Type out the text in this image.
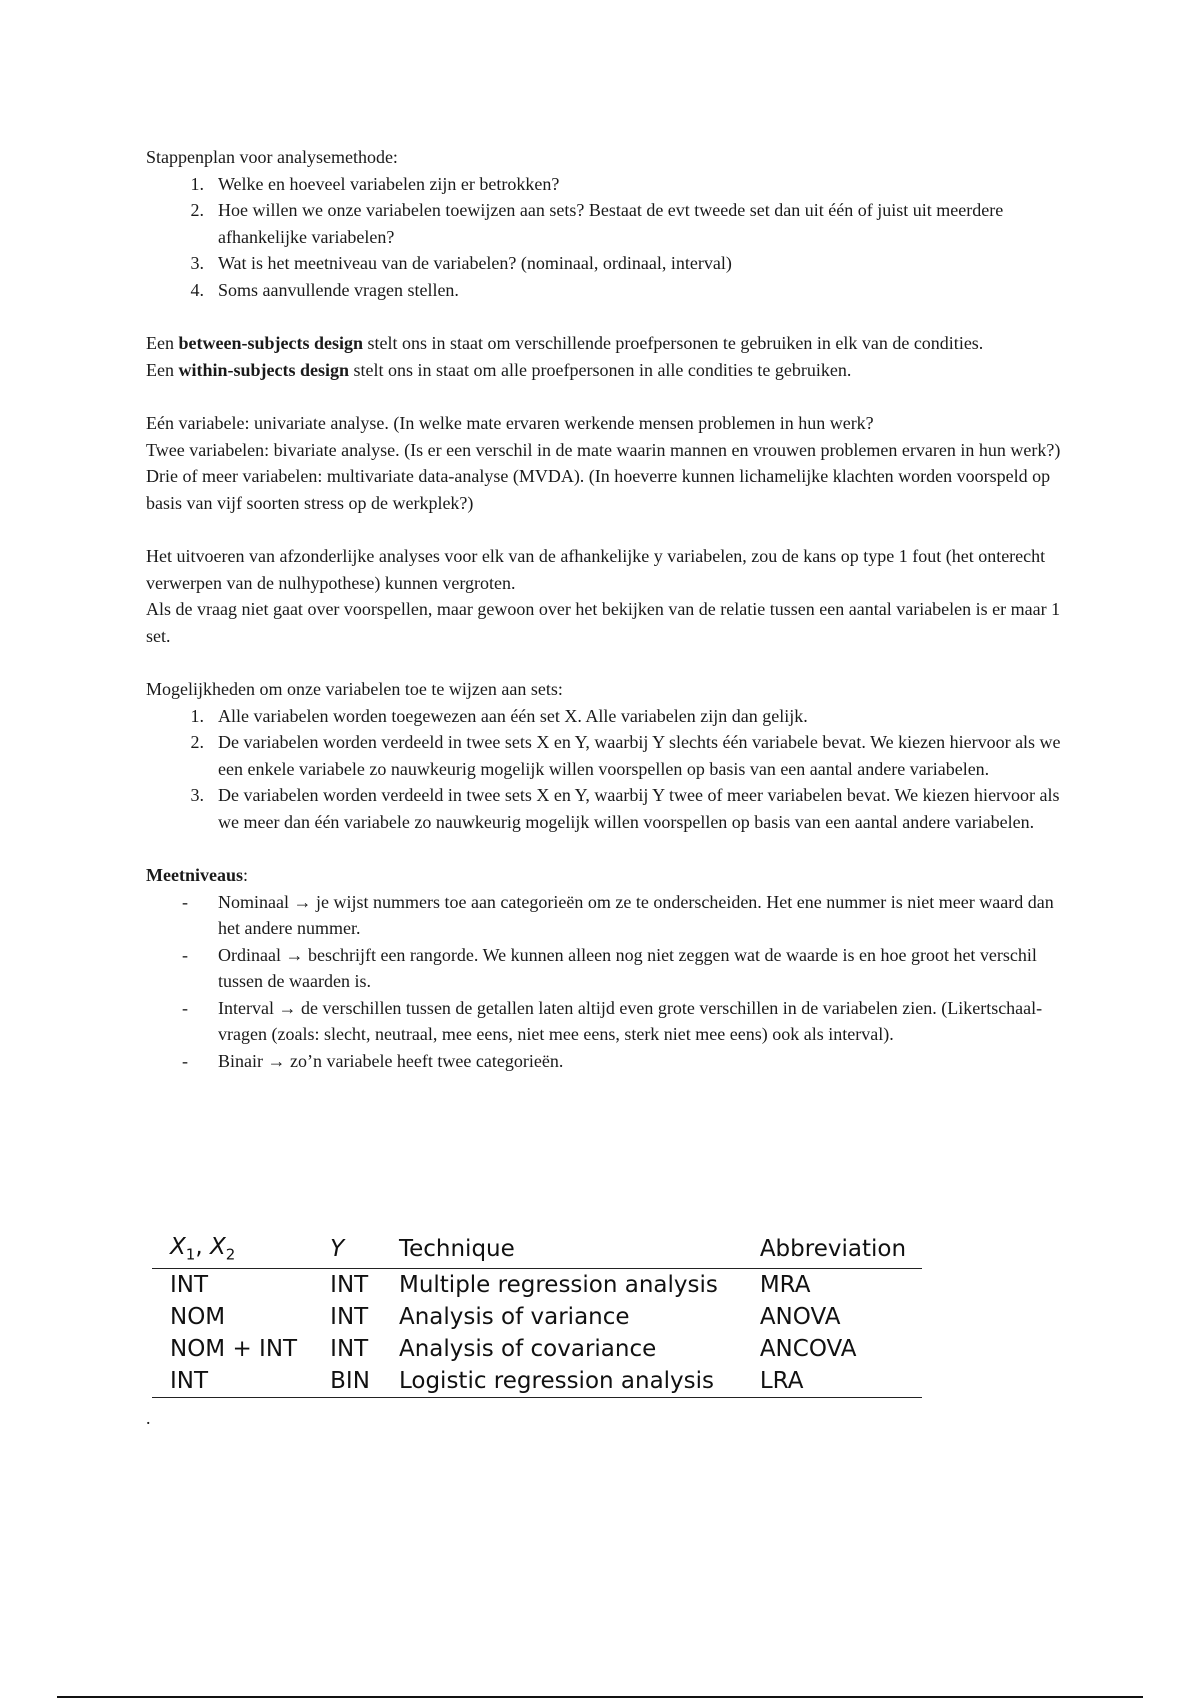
Stappenplan voor analysemethode:

1. Welke en hoeveel variabelen zijn er betrokken?
2. Hoe willen we onze variabelen toewijzen aan sets? Bestaat de evt tweede set dan uit één of juist uit meerdere afhankelijke variabelen?
3. Wat is het meetniveau van de variabelen? (nominaal, ordinaal, interval)
4. Soms aanvullende vragen stellen.

Een between-subjects design stelt ons in staat om verschillende proefpersonen te gebruiken in elk van de condities.

Een within-subjects design stelt ons in staat om alle proefpersonen in alle condities te gebruiken.

Eén variabele: univariate analyse. (In welke mate ervaren werkende mensen problemen in hun werk?

Twee variabelen: bivariate analyse. (Is er een verschil in de mate waarin mannen en vrouwen problemen ervaren in hun werk?)

Drie of meer variabelen: multivariate data-analyse (MVDA). (In hoeverre kunnen lichamelijke klachten worden voorspeld op basis van vijf soorten stress op de werkplek?)

Het uitvoeren van afzonderlijke analyses voor elk van de afhankelijke y variabelen, zou de kans op type 1 fout (het onterecht verwerpen van de nulhypothese) kunnen vergroten.

Als de vraag niet gaat over voorspellen, maar gewoon over het bekijken van de relatie tussen een aantal variabelen is er maar 1 set.

Mogelijkheden om onze variabelen toe te wijzen aan sets:

1. Alle variabelen worden toegewezen aan één set X. Alle variabelen zijn dan gelijk.
2. De variabelen worden verdeeld in twee sets X en Y, waarbij Y slechts één variabele bevat. We kiezen hiervoor als we een enkele variabele zo nauwkeurig mogelijk willen voorspellen op basis van een aantal andere variabelen.
3. De variabelen worden verdeeld in twee sets X en Y, waarbij Y twee of meer variabelen bevat. We kiezen hiervoor als we meer dan één variabele zo nauwkeurig mogelijk willen voorspellen op basis van een aantal andere variabelen.

Meetniveaus:

- Nominaal → je wijst nummers toe aan categorieën om ze te onderscheiden. Het ene nummer is niet meer waard dan het andere nummer.
- Ordinaal → beschrijft een rangorde. We kunnen alleen nog niet zeggen wat de waarde is en hoe groot het verschil tussen de waarden is.
- Interval → de verschillen tussen de getallen laten altijd even grote verschillen in de variabelen zien. (Likertschaal-vragen (zoals: slecht, neutraal, mee eens, niet mee eens, sterk niet mee eens) ook als interval).
- Binair → zo’n variabele heeft twee categorieën.
$X_1$, $X_2$	Y	Technique	Abbreviation
INT	INT	Multiple regression analysis	MRA
NOM	INT	Analysis of variance	ANOVA
NOM + INT	INT	Analysis of covariance	ANCOVA
INT	BIN	Logistic regression analysis	LRA
.
